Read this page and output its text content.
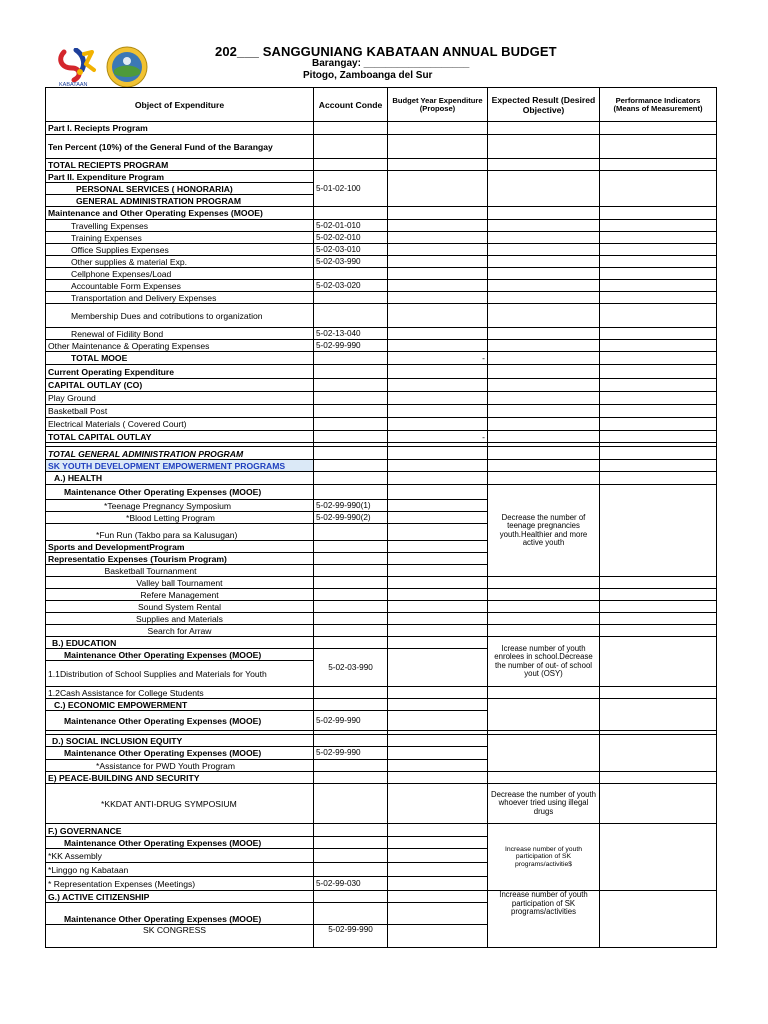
KABATAAN
202___ SANGGUNIANG KABATAAN ANNUAL BUDGET
Barangay: ___________________
Pitogo, Zamboanga del Sur
Object of Expenditure	Account Conde	Budget Year Expenditure (Propose)	Expected Result (Desired Objective)	Performance Indicators (Means of Measurement)
Part I. Reciepts Program				
Ten Percent (10%) of the General Fund of the Barangay				
TOTAL RECIEPTS PROGRAM				
Part II. Expenditure Program	5-01-02-100			
PERSONAL SERVICES ( HONORARIA)				
GENERAL ADMINISTRATION PROGRAM				
Maintenance and Other Operating Expenses (MOOE)				
Travelling Expenses	5-02-01-010			
Training Expenses	5-02-02-010			
Office Supplies Expenses	5-02-03-010			
Other supplies & material Exp.	5-02-03-990			
Cellphone Expenses/Load				
Accountable Form Expenses	5-02-03-020			
Transportation and Delivery Expenses				
Membership Dues and cotributions to organization				
Renewal of Fidility Bond	5-02-13-040			
Other Maintenance & Operating Expenses	5-02-99-990			
TOTAL MOOE		-		
Current Operating Expenditure				
CAPITAL OUTLAY (CO)				
Play Ground				
Basketball Post				
Electrical Materials ( Covered Court)				
TOTAL CAPITAL OUTLAY		-		

TOTAL GENERAL ADMINISTRATION PROGRAM				
SK YOUTH DEVELOPMENT EMPOWERMENT PROGRAMS				
A.) HEALTH				
Maintenance Other Operating Expenses (MOOE)			Decrease the number of teenage pregnancies youth.Healthier and more active youth	
*Teenage Pregnancy Symposium	5-02-99-990(1)			
*Blood Letting Program	5-02-99-990(2)			
*Fun Run (Takbo para sa Kalusugan)				
Sports and DevelopmentProgram				
Representatio Expenses (Tourism Program)				
Basketball Tournanment				
Valley ball Tournament				
Refere Management				
Sound System Rental				
Supplies and Materials				
Search for Arraw				
B.) EDUCATION			Icrease number of youth enrolees in school.Decrease the number of out- of school yout (OSY)	
Maintenance Other Operating Expenses (MOOE)	5-02-03-990			
1.1Distribution of School Supplies and Materials for Youth				
1.2Cash Assistance for College Students				
C.) ECONOMIC EMPOWERMENT				
Maintenance Other Operating Expenses (MOOE)	5-02-99-990			

D.) SOCIAL INCLUSION EQUITY				
Maintenance Other Operating Expenses (MOOE)	5-02-99-990			
*Assistance for PWD Youth Program				
E) PEACE-BUILDING AND SECURITY				
*KKDAT ANTI-DRUG SYMPOSIUM			Decrease the number of youth whoever tried using illegal drugs	
F.) GOVERNANCE			Increase number of youth participation of SK programs/activitie$	
Maintenance Other Operating Expenses (MOOE)				
*KK Assembly				
*Linggo ng Kabataan				
* Representation Expenses (Meetings)	5-02-99-030			
G.) ACTIVE CITIZENSHIP			Increase number of youth participation of SK programs/activities	
Maintenance Other Operating Expenses (MOOE)				
SK CONGRESS	5-02-99-990			
